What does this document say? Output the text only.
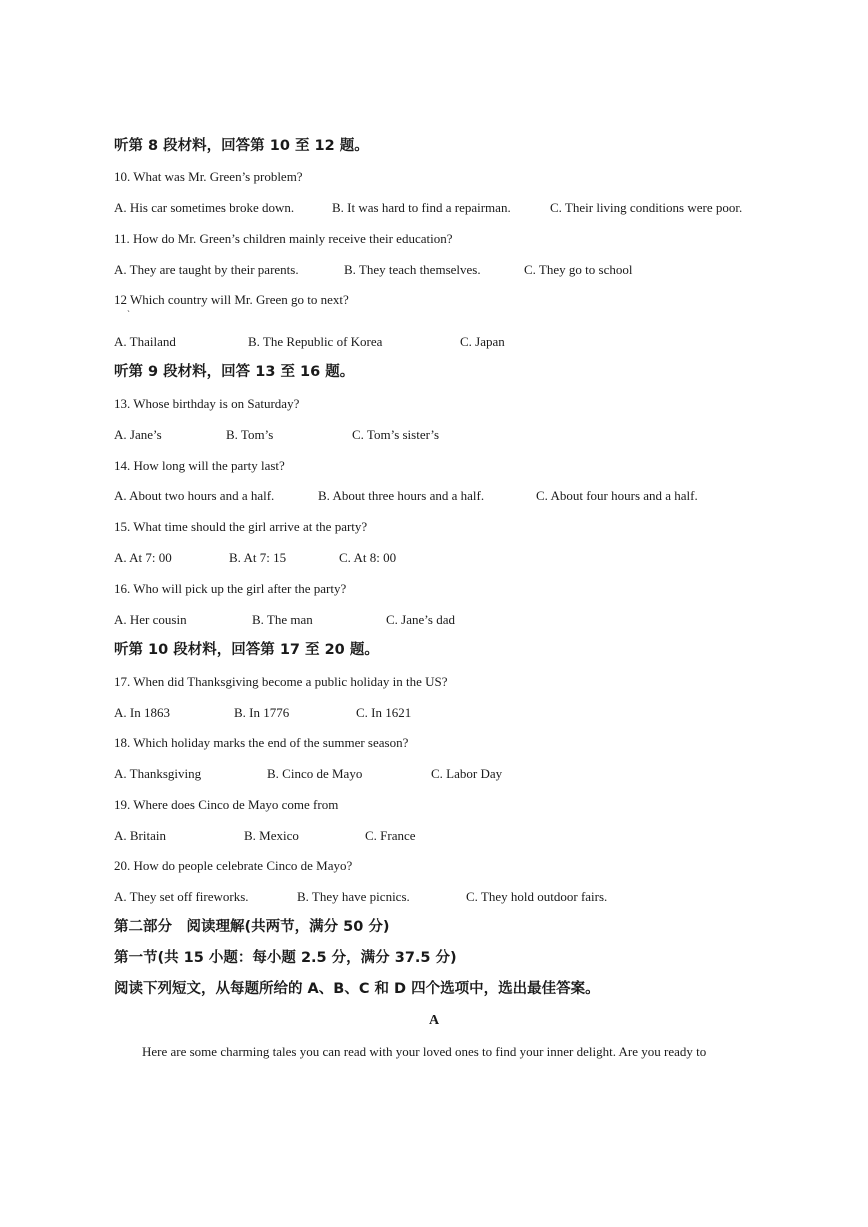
听第 8 段材料，回答第 10 至 12 题。
10. What was Mr. Green’s problem?
A. His car sometimes broke down.	B. It was hard to find a repairman.	C. Their living conditions were poor.
11. How do Mr. Green’s children mainly receive their education?
A. They are taught by their parents.	B. They teach themselves.	C. They go to school
12 Which country will Mr. Green go to next?
`
A. Thailand	B. The Republic of Korea	C. Japan
听第 9 段材料，回答 13 至 16 题。
13. Whose birthday is on Saturday?
A. Jane’s	B. Tom’s	C. Tom’s sister’s
14. How long will the party last?
A. About two hours and a half.	B. About three hours and a half.	C. About four hours and a half.
15. What time should the girl arrive at the party?
A. At 7: 00	B. At 7: 15	C. At 8: 00
16. Who will pick up the girl after the party?
A. Her cousin	B. The man	C. Jane’s dad
听第 10 段材料，回答第 17 至 20 题。
17. When did Thanksgiving become a public holiday in the US?
A. In 1863	B. In 1776	C. In 1621
18. Which holiday marks the end of the summer season?
A. Thanksgiving	B. Cinco de Mayo	C. Labor Day
19. Where does Cinco de Mayo come from
A. Britain	B. Mexico	C. France
20. How do people celebrate Cinco de Mayo?
A. They set off fireworks.	B. They have picnics.	C. They hold outdoor fairs.
第二部分　阅读理解(共两节，满分 50 分)
第一节(共 15 小题：每小题 2.5 分，满分 37.5 分)
阅读下列短文，从每题所给的 A、B、C 和 D 四个选项中，选出最佳答案。
A
Here are some charming tales you can read with your loved ones to find your inner delight. Are you ready to
